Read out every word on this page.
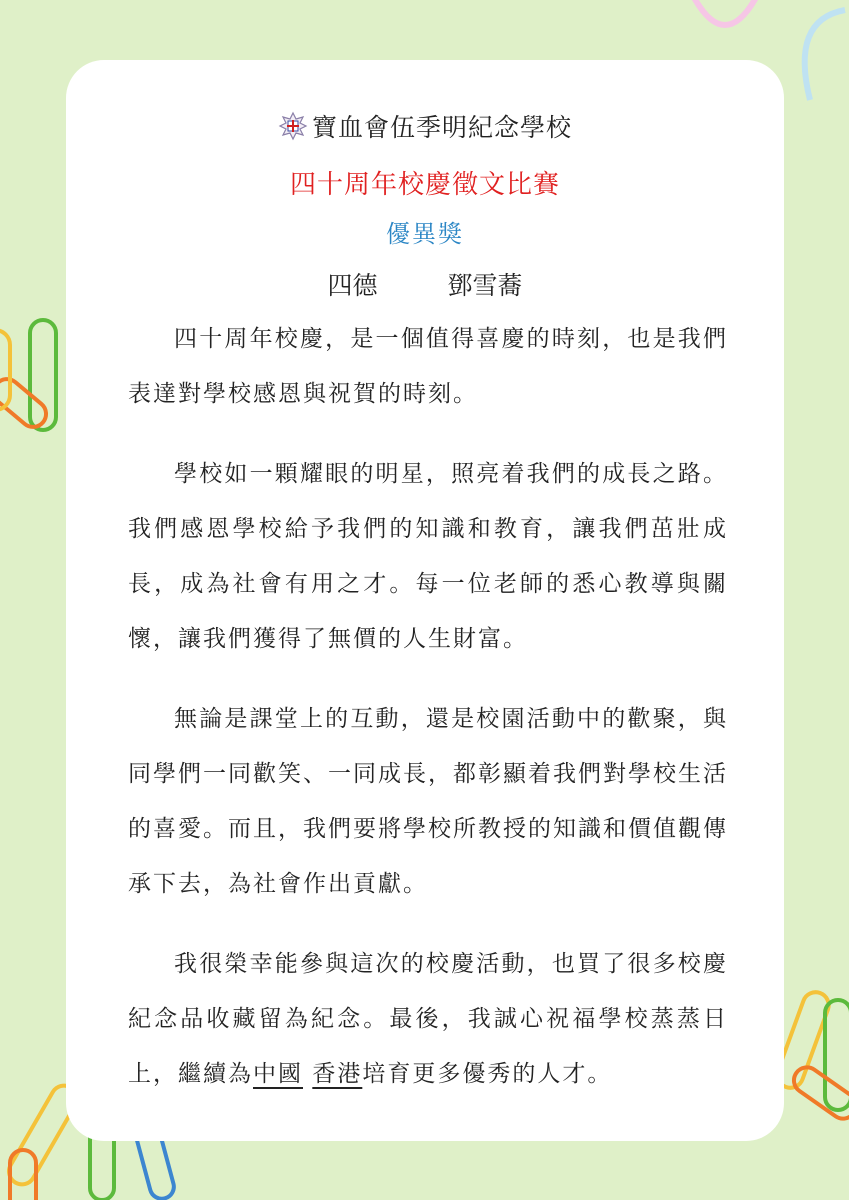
寶血會伍季明紀念學校
四十周年校慶徵文比賽
優異獎
四德	鄧雪蕎

四十周年校慶，是一個值得喜慶的時刻，也是我們表達對學校感恩與祝賀的時刻。

學校如一顆耀眼的明星，照亮着我們的成長之路。我們感恩學校給予我們的知識和教育，讓我們茁壯成長，成為社會有用之才。每一位老師的悉心教導與關懷，讓我們獲得了無價的人生財富。

無論是課堂上的互動，還是校園活動中的歡聚，與同學們一同歡笑、一同成長，都彰顯着我們對學校生活的喜愛。而且，我們要將學校所教授的知識和價值觀傳承下去，為社會作出貢獻。

我很榮幸能參與這次的校慶活動，也買了很多校慶紀念品收藏留為紀念。最後，我誠心祝福學校蒸蒸日上，繼續為中國 香港培育更多優秀的人才。
